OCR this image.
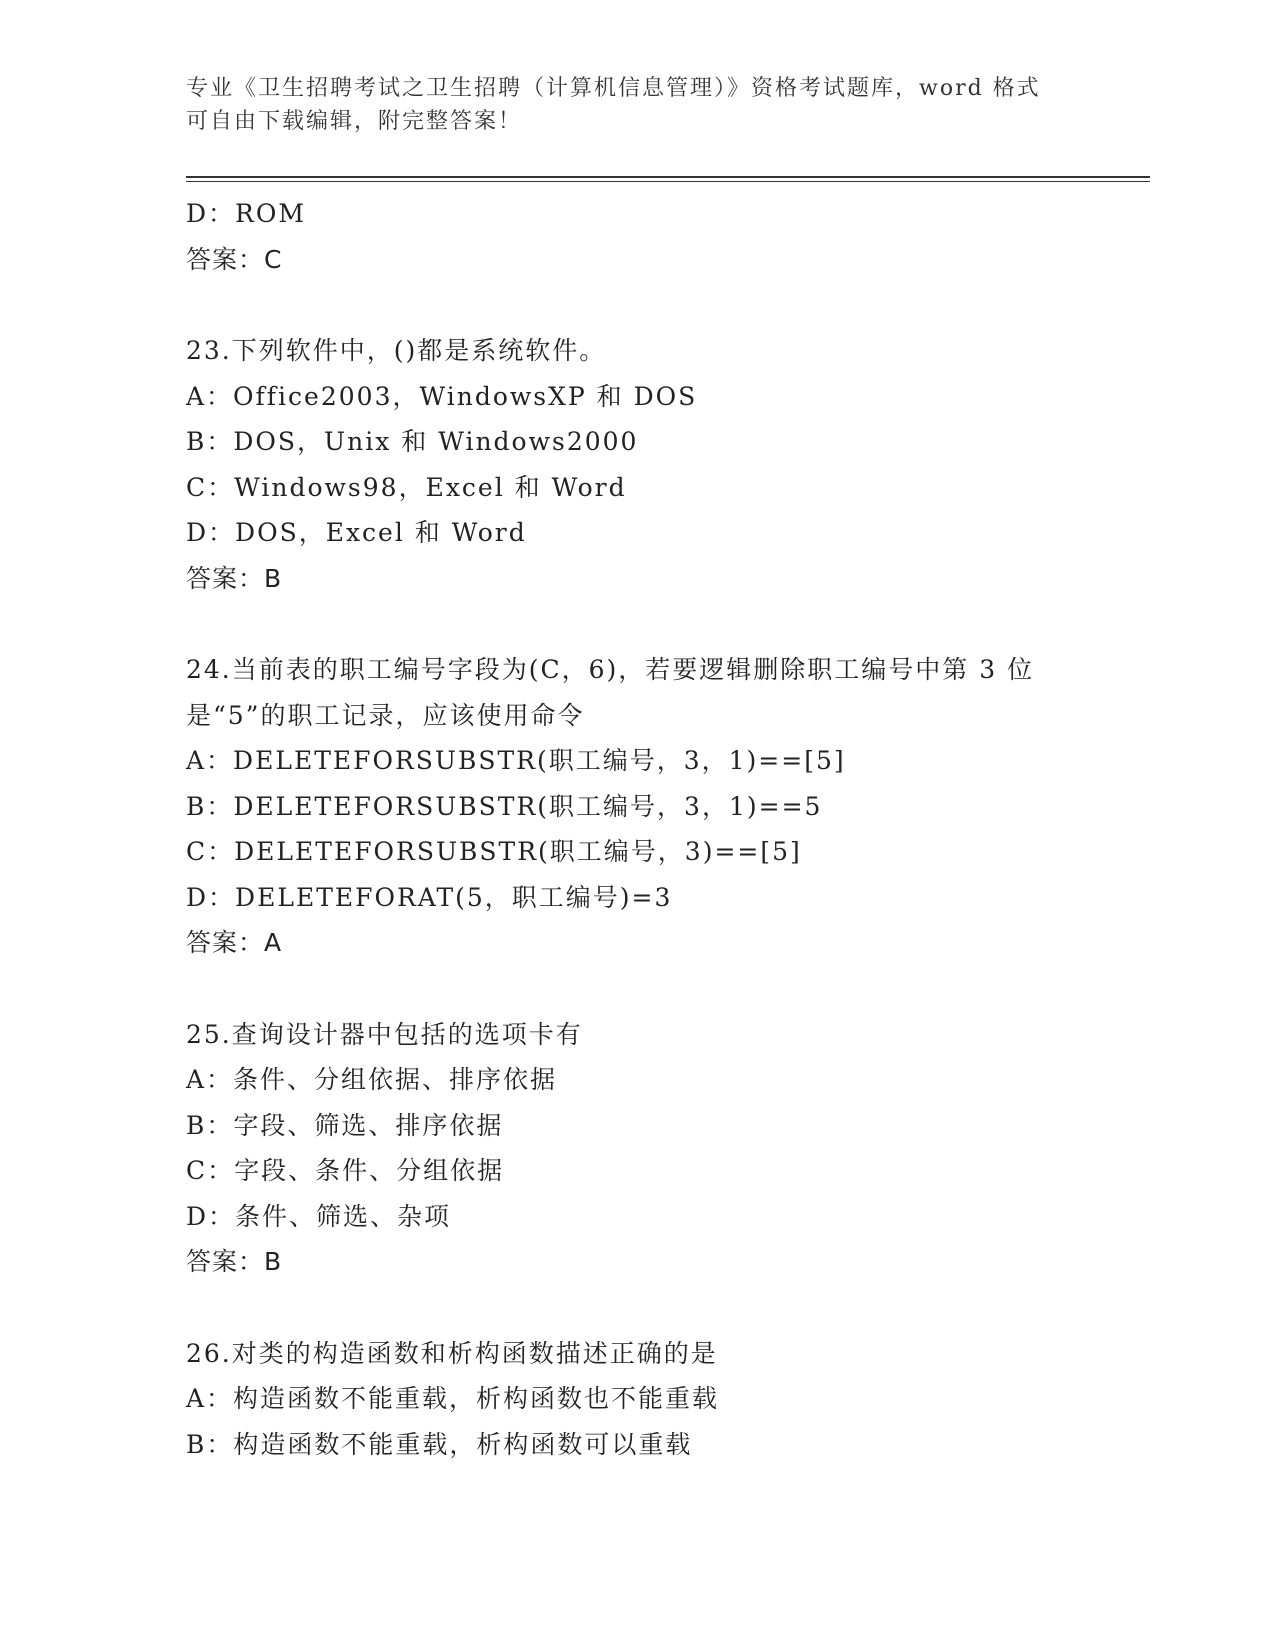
专业《卫生招聘考试之卫生招聘（计算机信息管理）》资格考试题库，word 格式
可自由下载编辑，附完整答案！
D：ROM
答案：C
23.下列软件中，()都是系统软件。
A：Office2003，WindowsXP 和 DOS
B：DOS，Unix 和 Windows2000
C：Windows98，Excel 和 Word
D：DOS，Excel 和 Word
答案：B
24.当前表的职工编号字段为(C，6)，若要逻辑删除职工编号中第 3 位
是“5”的职工记录，应该使用命令
A：DELETEFORSUBSTR(职工编号，3，1)==[5]
B：DELETEFORSUBSTR(职工编号，3，1)==5
C：DELETEFORSUBSTR(职工编号，3)==[5]
D：DELETEFORAT(5，职工编号)=3
答案：A
25.查询设计器中包括的选项卡有
A：条件、分组依据、排序依据
B：字段、筛选、排序依据
C：字段、条件、分组依据
D：条件、筛选、杂项
答案：B
26.对类的构造函数和析构函数描述正确的是
A：构造函数不能重载，析构函数也不能重载
B：构造函数不能重载，析构函数可以重载
